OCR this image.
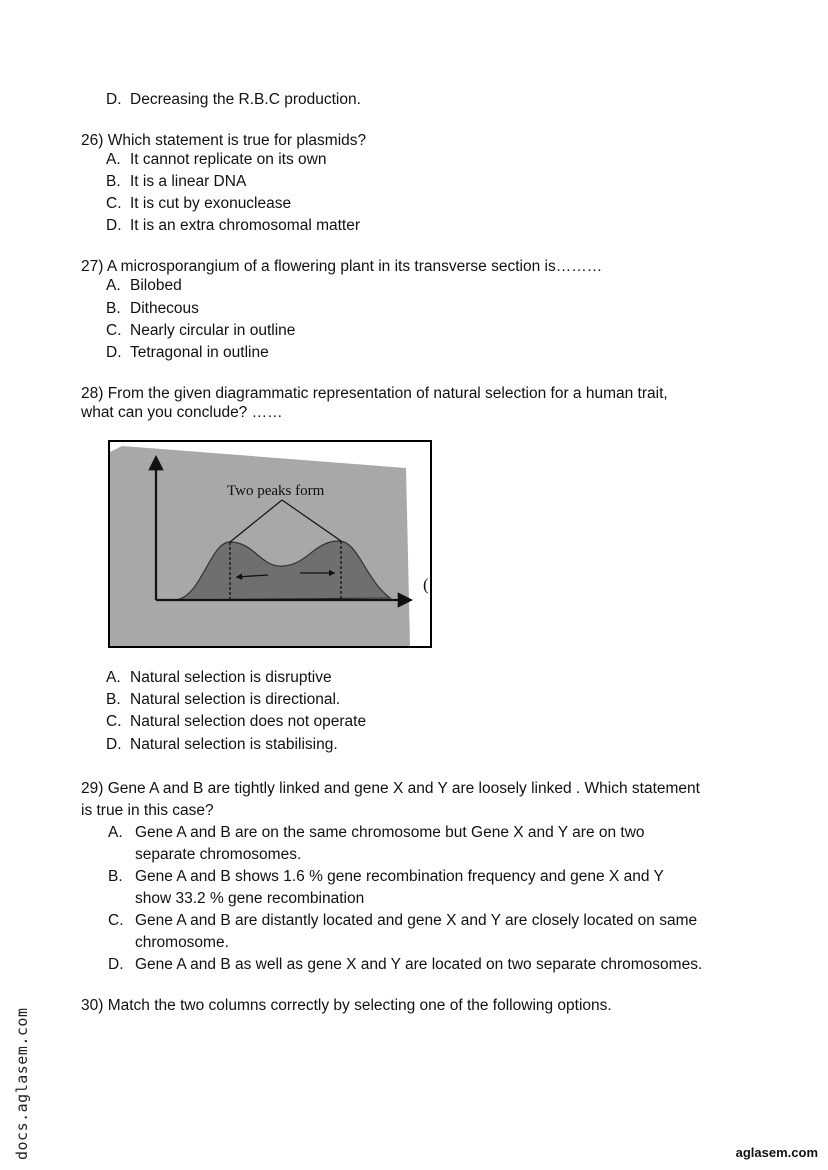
D. Decreasing the R.B.C production.
26) Which statement is true for plasmids?
A. It cannot replicate on its own
B. It is a linear DNA
C. It is cut by exonuclease
D. It is an extra chromosomal matter
27) A microsporangium of a flowering plant in its transverse section is………
A. Bilobed
B. Dithecous
C. Nearly circular in outline
D. Tetragonal in outline
28) From the given diagrammatic representation of natural selection for a human trait,
what can you conclude? ……
Two peaks form
(
A. Natural selection is disruptive
B. Natural selection is directional.
C. Natural selection does not operate
D. Natural selection is stabilising.
29) Gene A and B are tightly linked and gene X and Y are loosely linked . Which statement
is true in this case?
A. Gene A and B are on the same chromosome but Gene X and Y are on two
separate chromosomes.
B. Gene A and B shows 1.6 % gene recombination frequency and gene X and Y
show 33.2 % gene recombination
C. Gene A and B are distantly located and gene X and Y are closely located on same
chromosome.
D. Gene A and B as well as gene X and Y are located on two separate chromosomes.
30) Match the two columns correctly by selecting one of the following options.
docs.aglasem.com	aglasem.com
